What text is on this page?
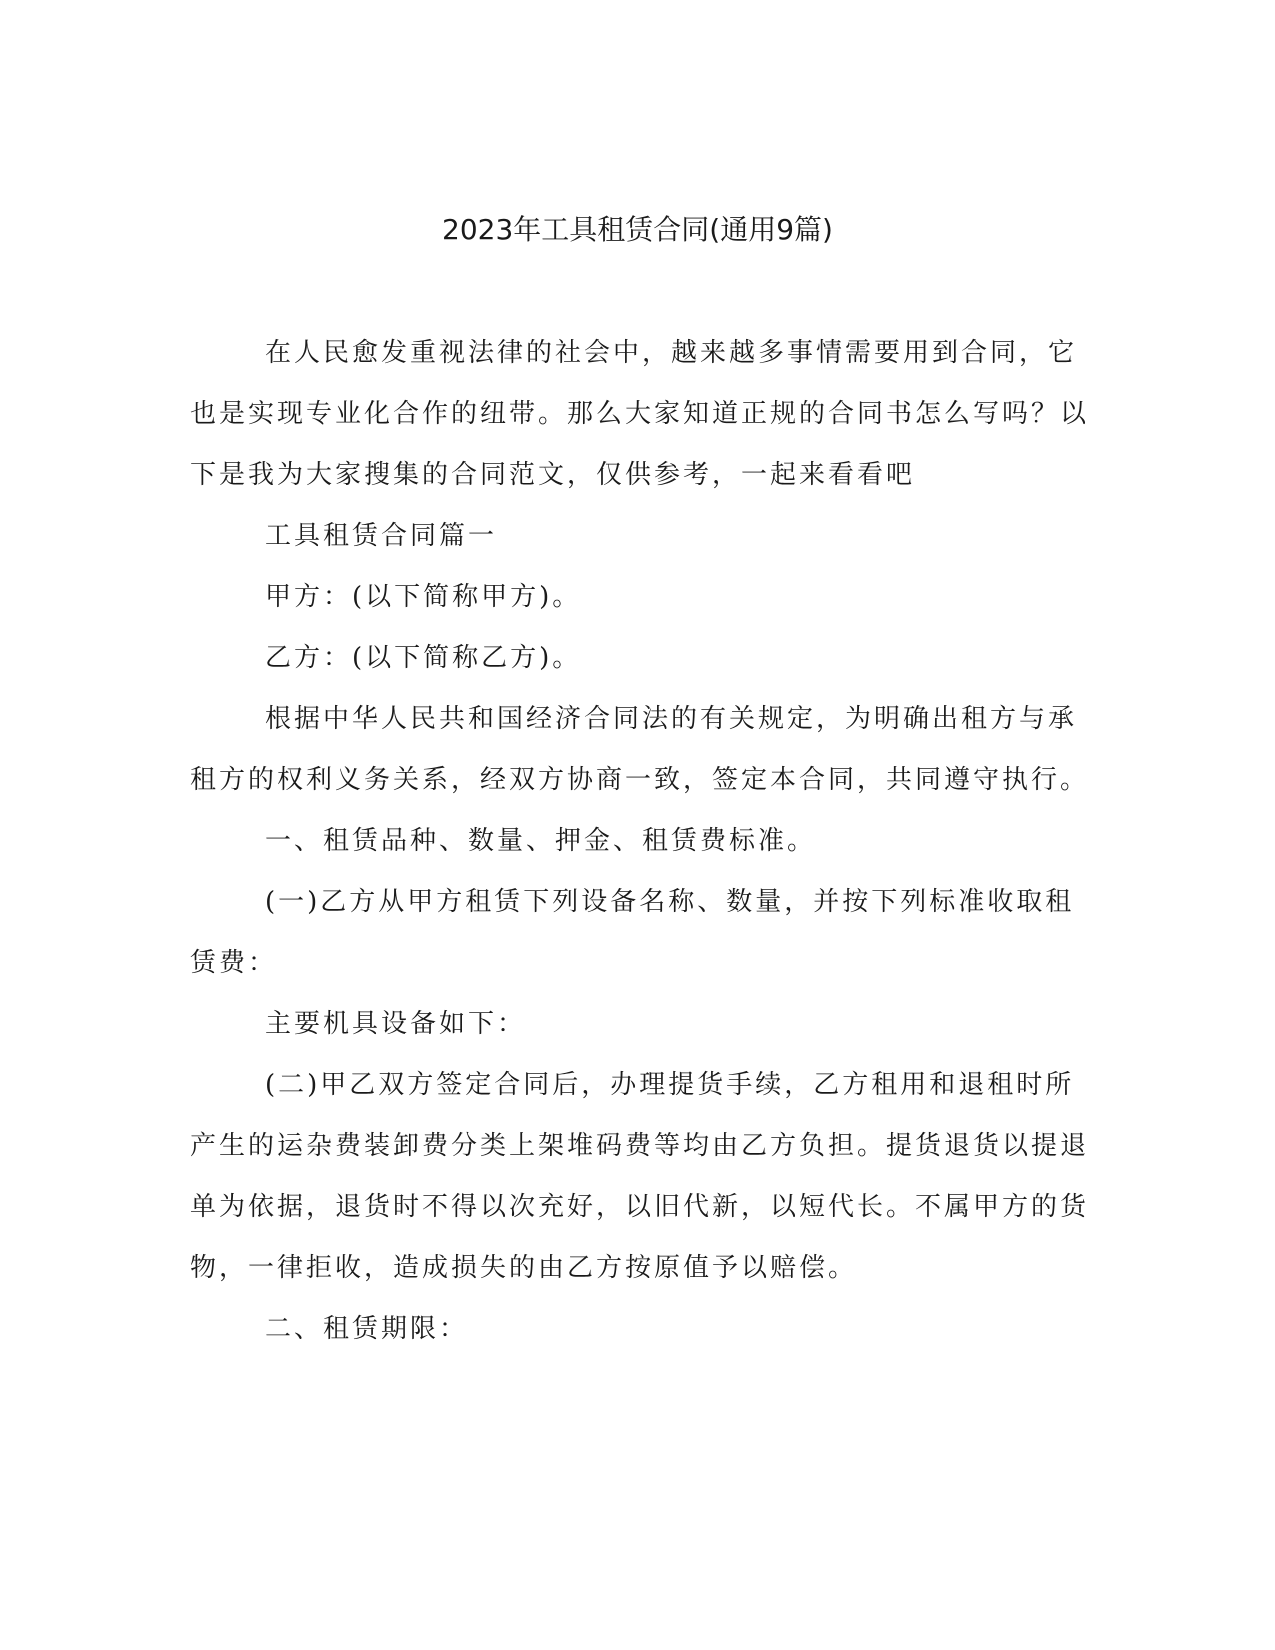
2023年工具租赁合同(通用9篇)

在人民愈发重视法律的社会中，越来越多事情需要用到合同，它也是实现专业化合作的纽带。那么大家知道正规的合同书怎么写吗？以下是我为大家搜集的合同范文，仅供参考，一起来看看吧

工具租赁合同篇一

甲方：(以下简称甲方)。

乙方：(以下简称乙方)。

根据中华人民共和国经济合同法的有关规定，为明确出租方与承租方的权利义务关系，经双方协商一致，签定本合同，共同遵守执行。

一、租赁品种、数量、押金、租赁费标准。

(一)乙方从甲方租赁下列设备名称、数量，并按下列标准收取租赁费：

主要机具设备如下：

(二)甲乙双方签定合同后，办理提货手续，乙方租用和退租时所产生的运杂费装卸费分类上架堆码费等均由乙方负担。提货退货以提退单为依据，退货时不得以次充好，以旧代新，以短代长。不属甲方的货物，一律拒收，造成损失的由乙方按原值予以赔偿。

二、租赁期限：
